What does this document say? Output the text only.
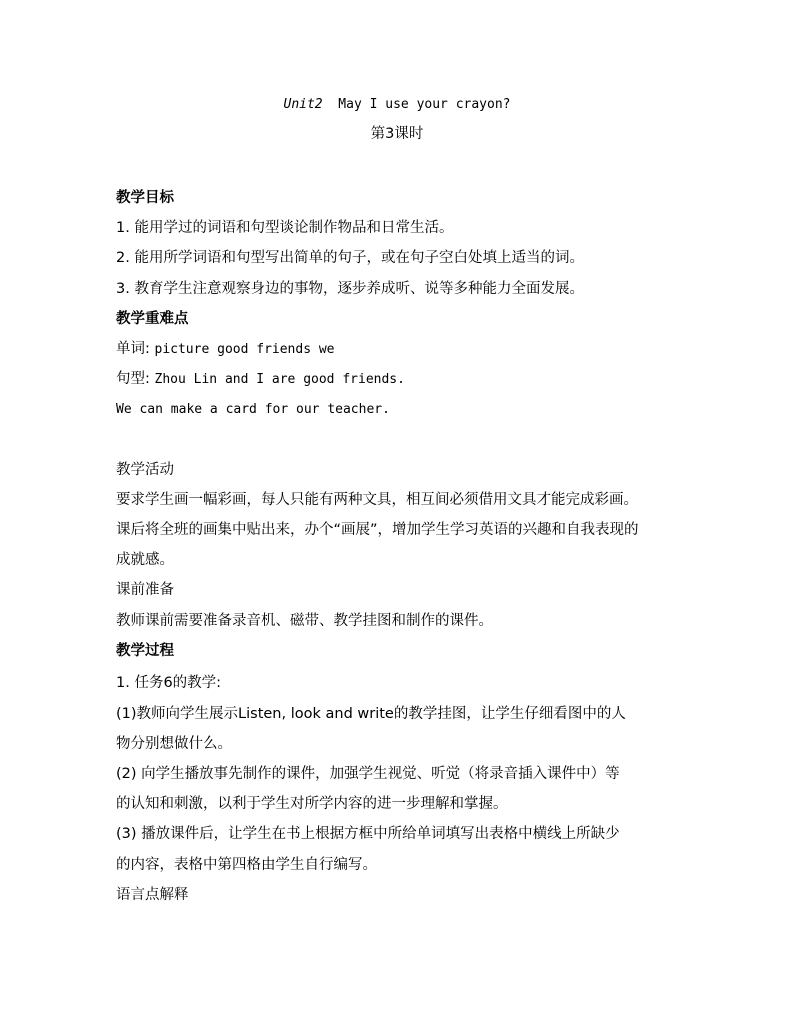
Unit2 May I use your crayon?
第3课时
教学目标
1. 能用学过的词语和句型谈论制作物品和日常生活。
2. 能用所学词语和句型写出简单的句子，或在句子空白处填上适当的词。
3. 教育学生注意观察身边的事物，逐步养成听、说等多种能力全面发展。
教学重难点
单词: picture good friends we
句型: Zhou Lin and I are good friends.
We can make a card for our teacher.
教学活动
要求学生画一幅彩画，每人只能有两种文具，相互间必须借用文具才能完成彩画。
课后将全班的画集中贴出来，办个“画展”，增加学生学习英语的兴趣和自我表现的
成就感。
课前准备
教师课前需要准备录音机、磁带、教学挂图和制作的课件。
教学过程
1. 任务6的教学:
(1)教师向学生展示Listen, look and write的教学挂图，让学生仔细看图中的人
物分别想做什么。
(2) 向学生播放事先制作的课件，加强学生视觉、听觉（将录音插入课件中）等
的认知和刺激，以利于学生对所学内容的进一步理解和掌握。
(3) 播放课件后，让学生在书上根据方框中所给单词填写出表格中横线上所缺少
的内容，表格中第四格由学生自行编写。
语言点解释
